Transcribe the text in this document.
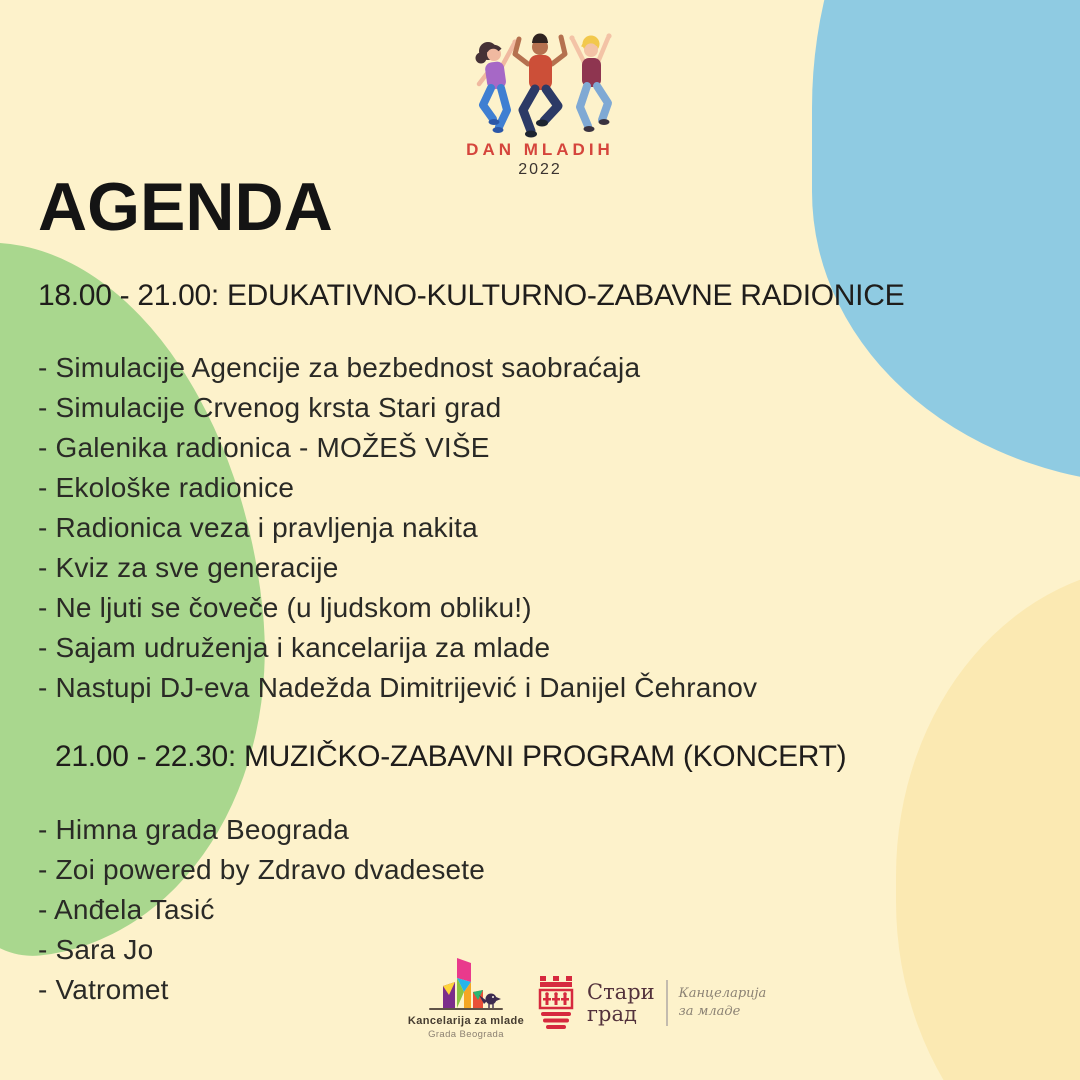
DAN MLADIH
2022
AGENDA
18.00 - 21.00: EDUKATIVNO-KULTURNO-ZABAVNE RADIONICE
- Simulacije Agencije za bezbednost saobraćaja
- Simulacije Crvenog krsta Stari grad
- Galenika radionica - MOŽEŠ VIŠE
- Ekološke radionice
- Radionica veza i pravljenja nakita
- Kviz za sve generacije
- Ne ljuti se čoveče (u ljudskom obliku!)
- Sajam udruženja i kancelarija za mlade
- Nastupi DJ-eva Nadežda Dimitrijević i Danijel Čehranov
21.00 - 22.30: MUZIČKO-ZABAVNI PROGRAM (KONCERT)
- Himna grada Beograda
- Zoi powered by Zdravo dvadesete
- Anđela Tasić
- Sara Jo
- Vatromet
Kancelarija za mlade
Grada Beograda
Стари
град
Канцеларија
за младе
